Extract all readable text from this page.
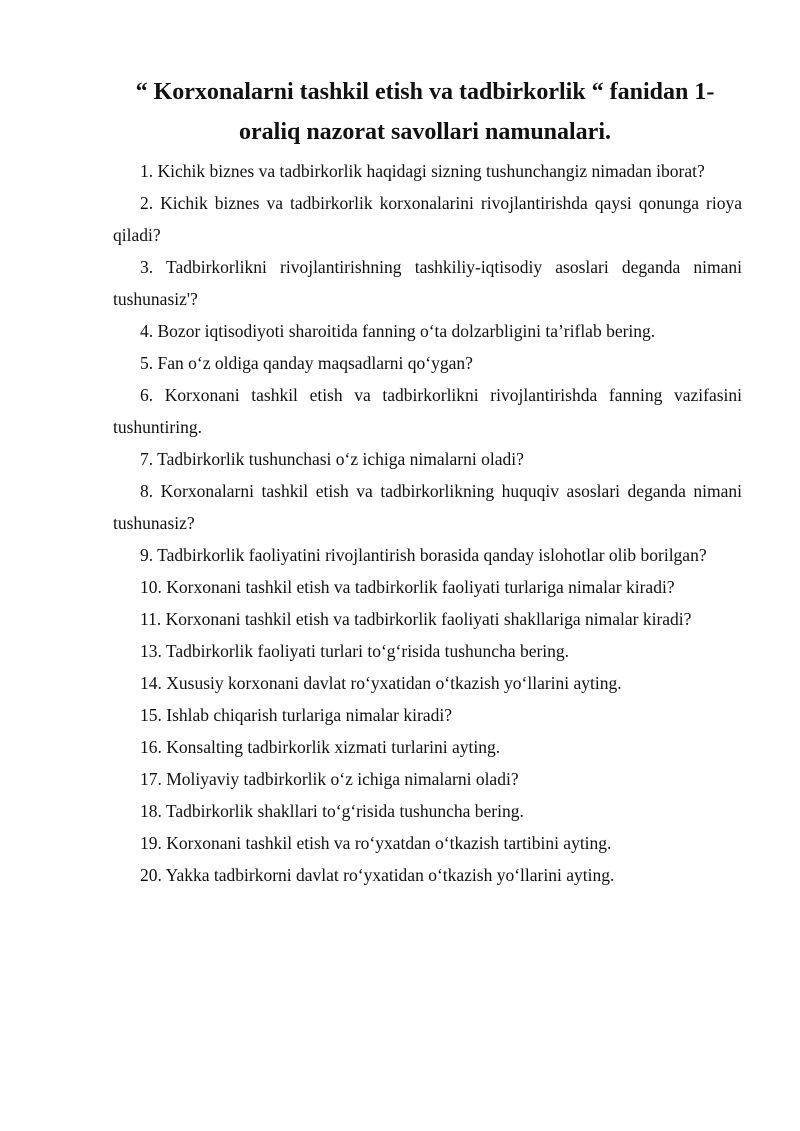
“ Korxonalarni tashkil etish va tadbirkorlik “ fanidan 1-oraliq nazorat savollari namunalari.
1. Kichik biznes va tadbirkorlik haqidagi sizning tushunchangiz nimadan iborat?
2. Kichik biznes va tadbirkorlik korxonalarini rivojlantirishda qaysi qonunga rioya qiladi?
3. Tadbirkorlikni rivojlantirishning tashkiliy-iqtisodiy asoslari deganda nimani tushunasiz'?
4. Bozor iqtisodiyoti sharoitida fanning o‘ta dolzarbligini ta’riflab bering.
5. Fan o‘z oldiga qanday maqsadlarni qo‘ygan?
6. Korxonani tashkil etish va tadbirkorlikni rivojlantirishda fanning vazifasini tushuntiring.
7. Tadbirkorlik tushunchasi o‘z ichiga nimalarni oladi?
8. Korxonalarni tashkil etish va tadbirkorlikning huquqiv asoslari deganda nimani tushunasiz?
9. Tadbirkorlik faoliyatini rivojlantirish borasida qanday islohotlar olib borilgan?
10. Korxonani tashkil etish va tadbirkorlik faoliyati turlariga nimalar kiradi?
11. Korxonani tashkil etish va tadbirkorlik faoliyati shakllariga nimalar kiradi?
13. Tadbirkorlik faoliyati turlari to‘g‘risida tushuncha bering.
14. Xususiy korxonani davlat ro‘yxatidan o‘tkazish yo‘llarini ayting.
15. Ishlab chiqarish turlariga nimalar kiradi?
16. Konsalting tadbirkorlik xizmati turlarini ayting.
17. Moliyaviy tadbirkorlik o‘z ichiga nimalarni oladi?
18. Tadbirkorlik shakllari to‘g‘risida tushuncha bering.
19. Korxonani tashkil etish va ro‘yxatdan o‘tkazish tartibini ayting.
20. Yakka tadbirkorni davlat ro‘yxatidan o‘tkazish yo‘llarini ayting.
